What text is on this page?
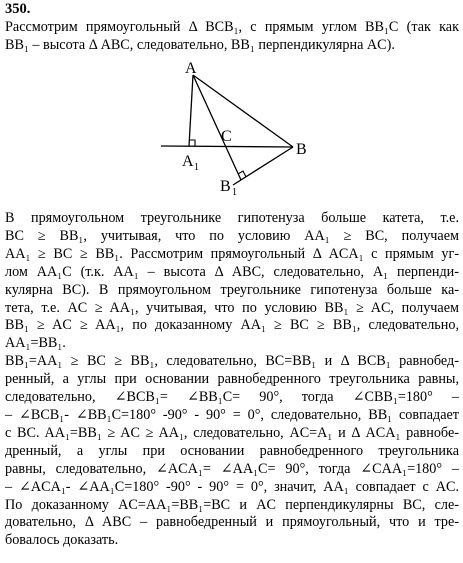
350.
Рассмотрим прямоугольный Δ BCB₁, с прямым углом BB₁C (так как
BB₁ – высота Δ ABC, следовательно, BB₁ перпендикулярна AC).
A
C
B
A 1
B 1
В прямоугольном треугольнике гипотенуза больше катета, т.е.
BC ≥ BB₁, учитывая, что по условию AA₁ ≥ BC, получаем
AA₁ ≥ BC ≥ BB₁. Рассмотрим прямоугольный Δ ACA₁ с прямым уг-
лом AA₁C (т.к. AA₁ – высота Δ ABC, следовательно, A₁ перпенди-
кулярна BC). В прямоугольном треугольнике гипотенуза больше ка-
тета, т.е. AC ≥ AA₁, учитывая, что по условию BB₁ ≥ AC, получаем
BB₁ ≥ AC ≥ AA₁, по доказанному AA₁ ≥ BC ≥ BB₁, следовательно,
AA₁=BB₁.
BB₁=AA₁ ≥ BC ≥ BB₁, следовательно, BC=BB₁ и Δ BCB₁ равнобед-
ренный, а углы при основании равнобедренного треугольника равны,
следовательно, ∠BCB₁= ∠BB₁C= 90°, тогда ∠CBB₁=180° –
– ∠BCB₁- ∠BB₁C=180° -90° - 90° = 0°, следовательно, BB₁ совпадает
с BC. AA₁=BB₁ ≥ AC ≥ AA₁, следовательно, AC=A₁ и Δ ACA₁ равнобе-
дренный, а углы при основании равнобедренного треугольника
равны, следовательно, ∠ACA₁= ∠AA₁C= 90°, тогда ∠CAA₁=180° –
– ∠ACA₁- ∠AA₁C=180° -90° - 90° = 0°, значит, AA₁ совпадает с AC.
По доказанному AC=AA₁=BB₁=BC и AC перпендикулярны BC, сле-
довательно, Δ ABC – равнобедренный и прямоугольный, что и тре-
бовалось доказать.
